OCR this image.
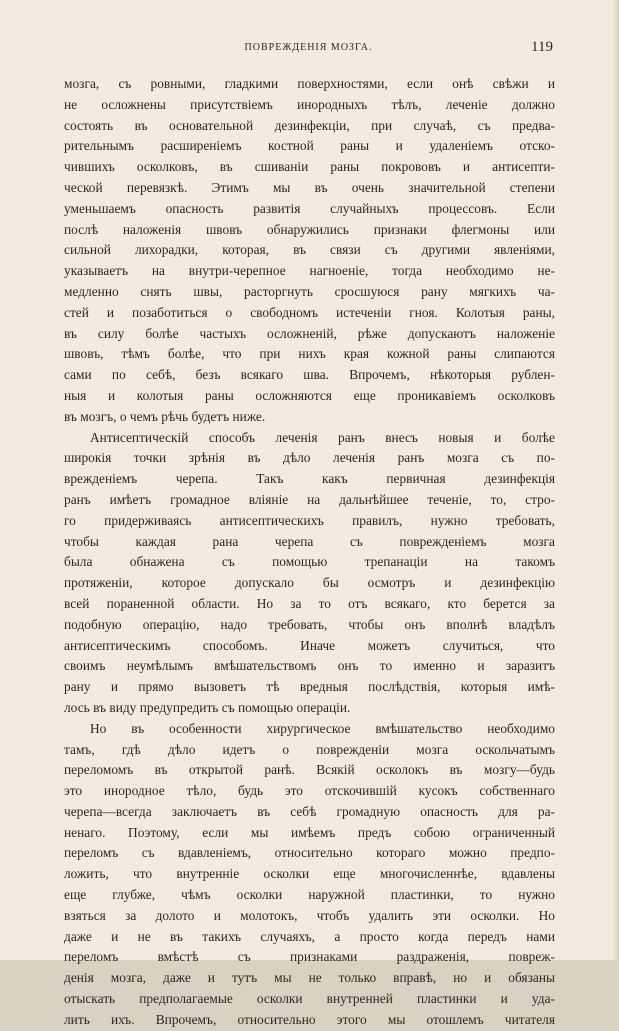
ПОВРЕЖДЕНІЯ МОЗГА.	119
мозга, съ ровными, гладкими поверхностями, если онѣ свѣжи и
не осложнены присутствіемъ инородныхъ тѣлъ, леченіе должно
состоять въ основательной дезинфекціи, при случаѣ, съ предва-
рительнымъ расширеніемъ костной раны и удаленіемъ отско-
чившихъ осколковъ, въ сшиваніи раны покрововъ и антисепти-
ческой перевязкѣ. Этимъ мы въ очень значительной степени
уменьшаемъ опасность развитія случайныхъ процессовъ. Если
послѣ наложенія швовъ обнаружились признаки флегмоны или
сильной лихорадки, которая, въ связи съ другими явленіями,
указываетъ на внутри-черепное нагноеніе, тогда необходимо не-
медленно снять швы, расторгнуть сросшуюся рану мягкихъ ча-
стей и позаботиться о свободномъ истеченіи гноя. Колотыя раны,
въ силу болѣе частыхъ осложненій, рѣже допускаютъ наложеніе
швовъ, тѣмъ болѣе, что при нихъ края кожной раны слипаются
сами по себѣ, безъ всякаго шва. Впрочемъ, нѣкоторыя рублен-
ныя и колотыя раны осложняются еще проникавіемъ осколковъ
въ мозгъ, о чемъ рѣчь будетъ ниже.
Антисептическій способъ леченія ранъ внесъ новыя и болѣе
широкія точки зрѣнія въ дѣло леченія ранъ мозга съ по-
врежденіемъ черепа. Такъ какъ первичная дезинфекція
ранъ имѣетъ громадное вліяніе на дальнѣйшее теченіе, то, стро-
го придерживаясь антисептическихъ правилъ, нужно требовать,
чтобы каждая рана черепа съ поврежденіемъ мозга
была обнажена съ помощью трепанаціи на такомъ
протяженіи, которое допускало бы осмотръ и дезинфекцію
всей пораненной области. Но за то отъ всякаго, кто берется за
подобную операцію, надо требовать, чтобы онъ вполнѣ владѣлъ
антисептическимъ способомъ. Иначе можетъ случиться, что
своимъ неумѣлымъ вмѣшательствомъ онъ то именно и заразитъ
рану и прямо вызоветъ тѣ вредныя послѣдствія, которыя имѣ-
лось въ виду предупредить съ помощью операціи.
Но въ особенности хирургическое вмѣшательство необходимо
тамъ, гдѣ дѣло идетъ о поврежденіи мозга оскольчатымъ
переломомъ въ открытой ранѣ. Всякій осколокъ въ мозгу—будь
это инородное тѣло, будь это отскочившій кусокъ собственнаго
черепа—всегда заключаетъ въ себѣ громадную опасность для ра-
ненаго. Поэтому, если мы имѣемъ предъ собою ограниченный
переломъ съ вдавленіемъ, относительно котораго можно предпо-
ложить, что внутренніе осколки еще многочисленнѣе, вдавлены
еще глубже, чѣмъ осколки наружной пластинки, то нужно
взяться за долото и молотокъ, чтобъ удалить эти осколки. Но
даже и не въ такихъ случаяхъ, а просто когда передъ нами
переломъ вмѣстѣ съ признаками раздраженія, повреж-
денія мозга, даже и тутъ мы не только вправѣ, но и обязаны
отыскать предполагаемые осколки внутренней пластинки и уда-
лить ихъ. Впрочемъ, относительно этого мы отошлемъ читателя
